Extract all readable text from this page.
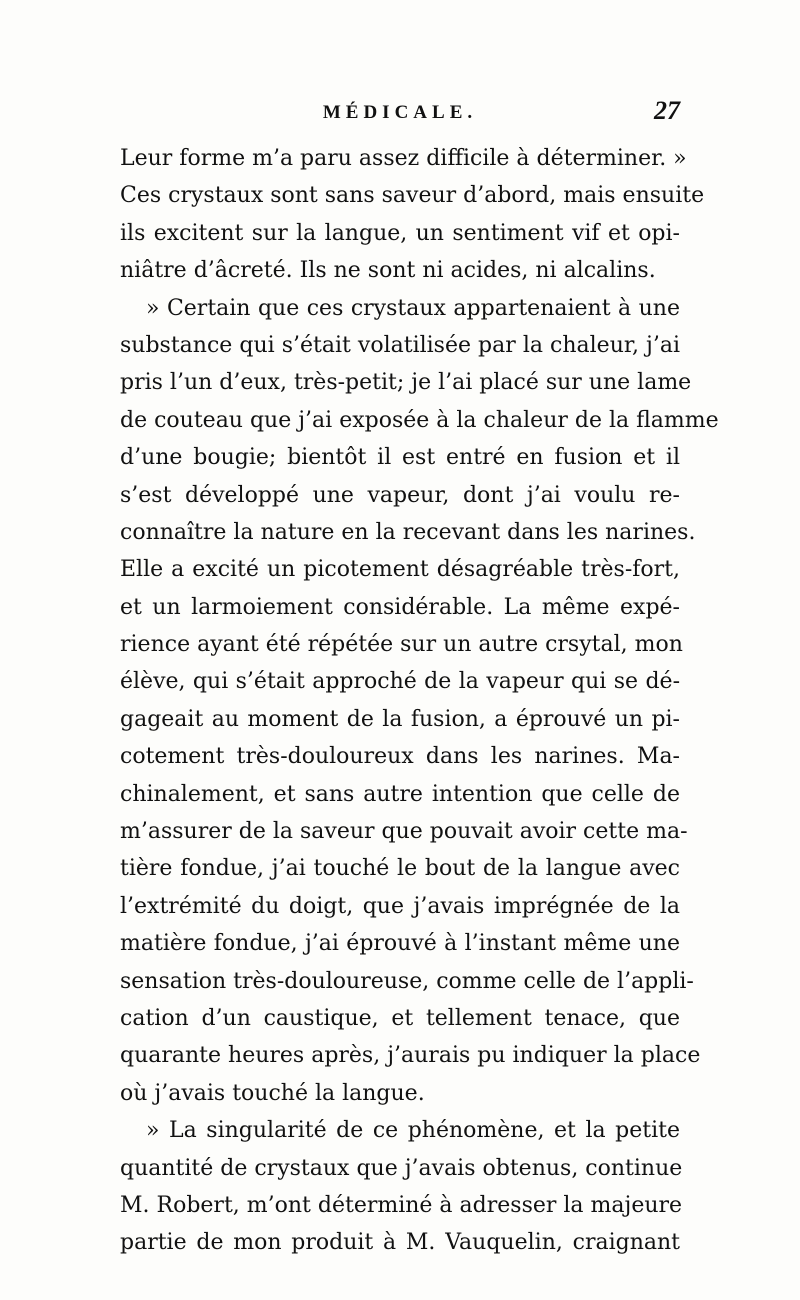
MÉDICALE.	27
Leur forme m’a paru assez difficile à déterminer. »
Ces crystaux sont sans saveur d’abord, mais ensuite
ils excitent sur la langue, un sentiment vif et opi-
niâtre d’âcreté. Ils ne sont ni acides, ni alcalins.
» Certain que ces crystaux appartenaient à une
substance qui s’était volatilisée par la chaleur, j’ai
pris l’un d’eux, très-petit; je l’ai placé sur une lame
de couteau que j’ai exposée à la chaleur de la flamme
d’une bougie; bientôt il est entré en fusion et il
s’est développé une vapeur, dont j’ai voulu re-
connaître la nature en la recevant dans les narines.
Elle a excité un picotement désagréable très-fort,
et un larmoiement considérable. La même expé-
rience ayant été répétée sur un autre crsytal, mon
élève, qui s’était approché de la vapeur qui se dé-
gageait au moment de la fusion, a éprouvé un pi-
cotement très-douloureux dans les narines. Ma-
chinalement, et sans autre intention que celle de
m’assurer de la saveur que pouvait avoir cette ma-
tière fondue, j’ai touché le bout de la langue avec
l’extrémité du doigt, que j’avais imprégnée de la
matière fondue, j’ai éprouvé à l’instant même une
sensation très-douloureuse, comme celle de l’appli-
cation d’un caustique, et tellement tenace, que
quarante heures après, j’aurais pu indiquer la place
où j’avais touché la langue.
» La singularité de ce phénomène, et la petite
quantité de crystaux que j’avais obtenus, continue
M. Robert, m’ont déterminé à adresser la majeure
partie de mon produit à M. Vauquelin, craignant
